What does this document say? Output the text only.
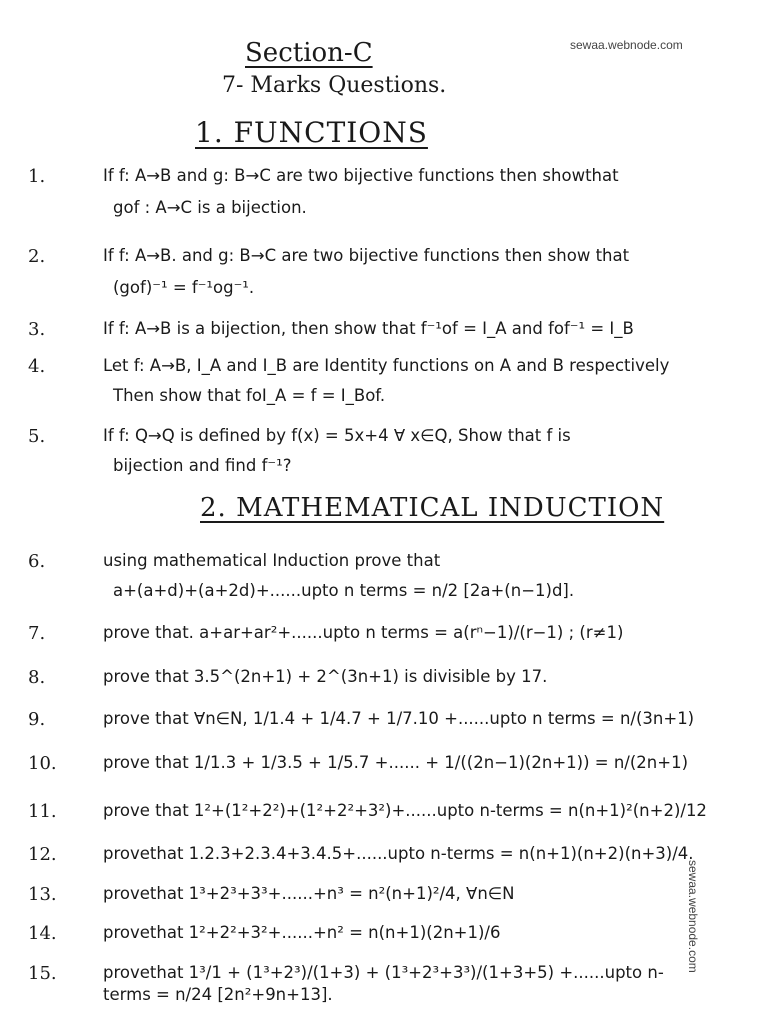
sewaa.webnode.com
sewaa.webnode.com
Section-C
7- Marks Questions.
1. FUNCTIONS
2. MATHEMATICAL INDUCTION
1.	If f: A→B and g: B→C are two bijective functions then showthat
gof : A→C is a bijection.
2.	If f: A→B. and g: B→C are two bijective functions then show that
(gof)⁻¹ = f⁻¹og⁻¹.
3.	If f: A→B is a bijection, then show that f⁻¹of = I_A and fof⁻¹ = I_B
4.	Let f: A→B, I_A and I_B are Identity functions on A and B respectively
Then show that foI_A = f = I_Bof.
5.	If f: Q→Q is defined by f(x) = 5x+4 ∀ x∈Q, Show that f is
bijection and find f⁻¹?
6.	using mathematical Induction prove that
a+(a+d)+(a+2d)+......upto n terms = n/2 [2a+(n−1)d].
7.	prove that. a+ar+ar²+......upto n terms = a(rⁿ−1)/(r−1) ; (r≠1)
8.	prove that 3.5^(2n+1) + 2^(3n+1) is divisible by 17.
9.	prove that ∀n∈N, 1/1.4 + 1/4.7 + 1/7.10 +......upto n terms = n/(3n+1)
10.	prove that 1/1.3 + 1/3.5 + 1/5.7 +...... + 1/((2n−1)(2n+1)) = n/(2n+1)
11.	prove that 1²+(1²+2²)+(1²+2²+3²)+......upto n-terms = n(n+1)²(n+2)/12
12.	provethat 1.2.3+2.3.4+3.4.5+......upto n-terms = n(n+1)(n+2)(n+3)/4.
13.	provethat 1³+2³+3³+......+n³ = n²(n+1)²/4, ∀n∈N
14.	provethat 1²+2²+3²+......+n² = n(n+1)(2n+1)/6
15.	provethat 1³/1 + (1³+2³)/(1+3) + (1³+2³+3³)/(1+3+5) +......upto n-terms = n/24 [2n²+9n+13].
